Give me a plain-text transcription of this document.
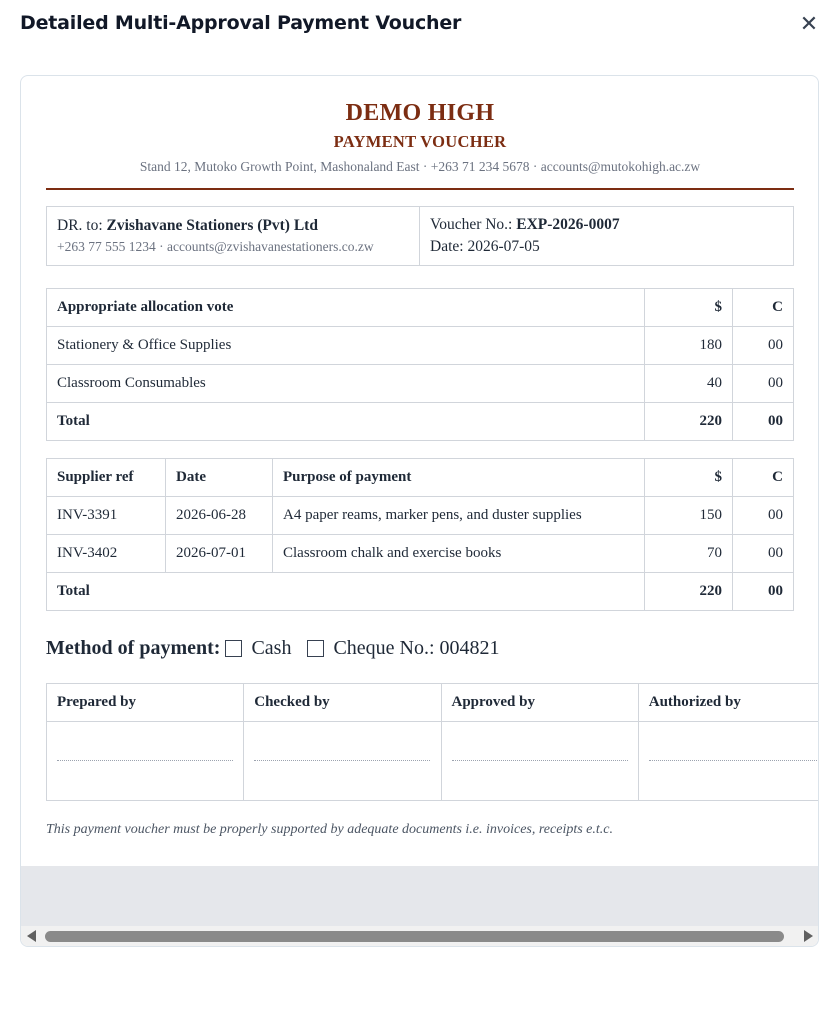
Detailed Multi-Approval Payment Voucher	✕
DEMO HIGH
PAYMENT VOUCHER
Stand 12, Mutoko Growth Point, Mashonaland East · +263 71 234 5678 · accounts@mutokohigh.ac.zw
DR. to: Zvishavane Stationers (Pvt) Ltd
+263 77 555 1234 · accounts@zvishavanestationers.co.zw

Voucher No.: EXP-2026-0007
Date: 2026-07-05
Appropriate allocation vote	$	C
Stationery & Office Supplies	180	00
Classroom Consumables	40	00
Total	220	00
Supplier ref	Date	Purpose of payment	$	C
INV-3391	2026-06-28	A4 paper reams, marker pens, and duster supplies	150	00
INV-3402	2026-07-01	Classroom chalk and exercise books	70	00
Total			220	00
Method of payment: Cash Cheque No.: 004821
Prepared by	Checked by	Approved by	Authorized by

This payment voucher must be properly supported by adequate documents i.e. invoices, receipts e.t.c.
